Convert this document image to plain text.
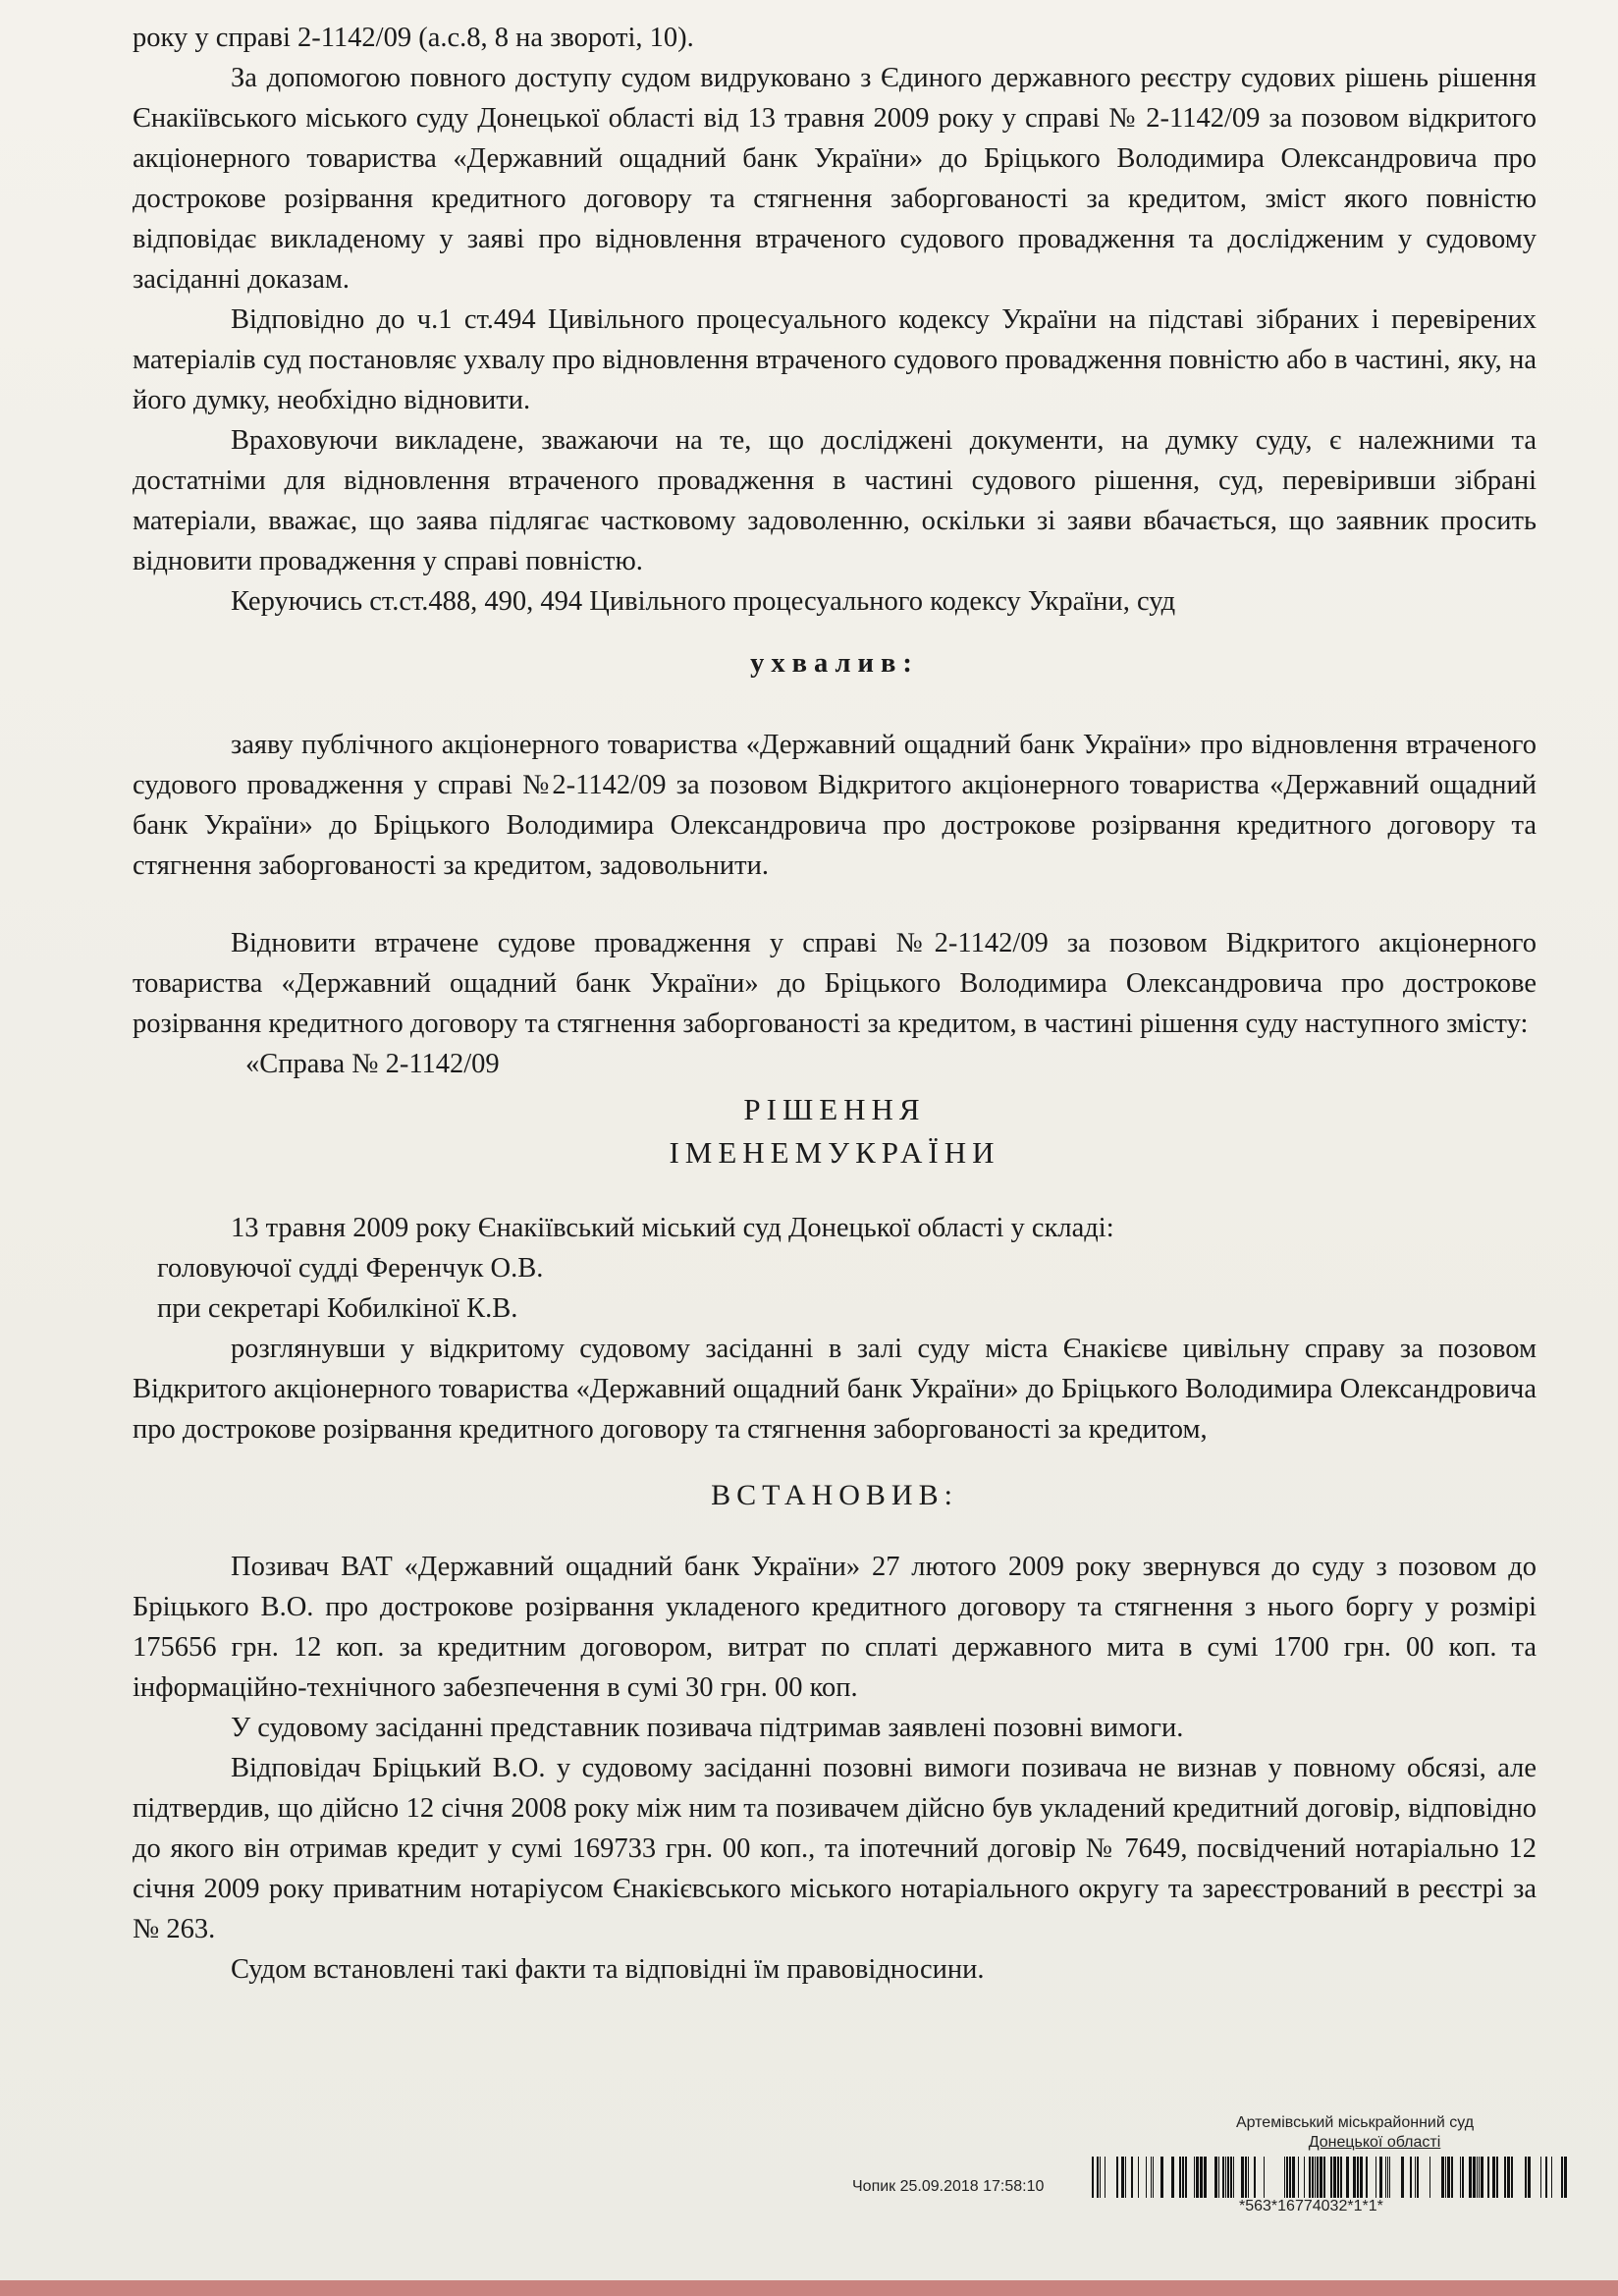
року у справі 2-1142/09 (а.с.8, 8 на звороті, 10).

За допомогою повного доступу судом видруковано з Єдиного державного реєстру судових рішень рішення Єнакіївського міського суду Донецької області від 13 травня 2009 року у справі № 2-1142/09 за позовом відкритого акціонерного товариства «Державний ощадний банк України» до Бріцького Володимира Олександровича про дострокове розірвання кредитного договору та стягнення заборгованості за кредитом, зміст якого повністю відповідає викладеному у заяві про відновлення втраченого судового провадження та дослідженим у судовому засіданні доказам.

Відповідно до ч.1 ст.494 Цивільного процесуального кодексу України на підставі зібраних і перевірених матеріалів суд постановляє ухвалу про відновлення втраченого судового провадження повністю або в частині, яку, на його думку, необхідно відновити.

Враховуючи викладене, зважаючи на те, що досліджені документи, на думку суду, є належними та достатніми для відновлення втраченого провадження в частині судового рішення, суд, перевіривши зібрані матеріали, вважає, що заява підлягає частковому задоволенню, оскільки зі заяви вбачається, що заявник просить відновити провадження у справі повністю.

Керуючись ст.ст.488, 490, 494 Цивільного процесуального кодексу України, суд

ухвалив:

заяву публічного акціонерного товариства «Державний ощадний банк України» про відновлення втраченого судового провадження у справі №2-1142/09 за позовом Відкритого акціонерного товариства «Державний ощадний банк України» до Бріцького Володимира Олександровича про дострокове розірвання кредитного договору та стягнення заборгованості за кредитом, задовольнити.

Відновити втрачене судове провадження у справі №2-1142/09 за позовом Відкритого акціонерного товариства «Державний ощадний банк України» до Бріцького Володимира Олександровича про дострокове розірвання кредитного договору та стягнення заборгованості за кредитом, в частині рішення суду наступного змісту:

«Справа № 2-1142/09

РІШЕННЯ
ІМЕНЕМУКРАЇНИ

13 травня 2009 року Єнакіївський міський суд Донецької області у складі:

головуючої судді Ференчук О.В.

при секретарі Кобилкіної К.В.

розглянувши у відкритому судовому засіданні в залі суду міста Єнакієве цивільну справу за позовом Відкритого акціонерного товариства «Державний ощадний банк України» до Бріцького Володимира Олександровича про дострокове розірвання кредитного договору та стягнення заборгованості за кредитом,

ВСТАНОВИВ:

Позивач ВАТ «Державний ощадний банк України» 27 лютого 2009 року звернувся до суду з позовом до Бріцького В.О. про дострокове розірвання укладеного кредитного договору та стягнення з нього боргу у розмірі 175656 грн. 12 коп. за кредитним договором, витрат по сплаті державного мита в сумі 1700 грн. 00 коп. та інформаційно-технічного забезпечення в сумі 30 грн. 00 коп.

У судовому засіданні представник позивача підтримав заявлені позовні вимоги.

Відповідач Бріцький В.О. у судовому засіданні позовні вимоги позивача не визнав у повному обсязі, але підтвердив, що дійсно 12 січня 2008 року між ним та позивачем дійсно був укладений кредитний договір, відповідно до якого він отримав кредит у сумі 169733 грн. 00 коп., та іпотечний договір № 7649, посвідчений нотаріально 12 січня 2009 року приватним нотаріусом Єнакієвського міського нотаріального округу та зареєстрований в реєстрі за № 263.

Судом встановлені такі факти та відповідні їм правовідносини.

Артемівський міськрайонний суд
Донецької області
Чопик 25.09.2018 17:58:10
*563*16774032*1*1*
